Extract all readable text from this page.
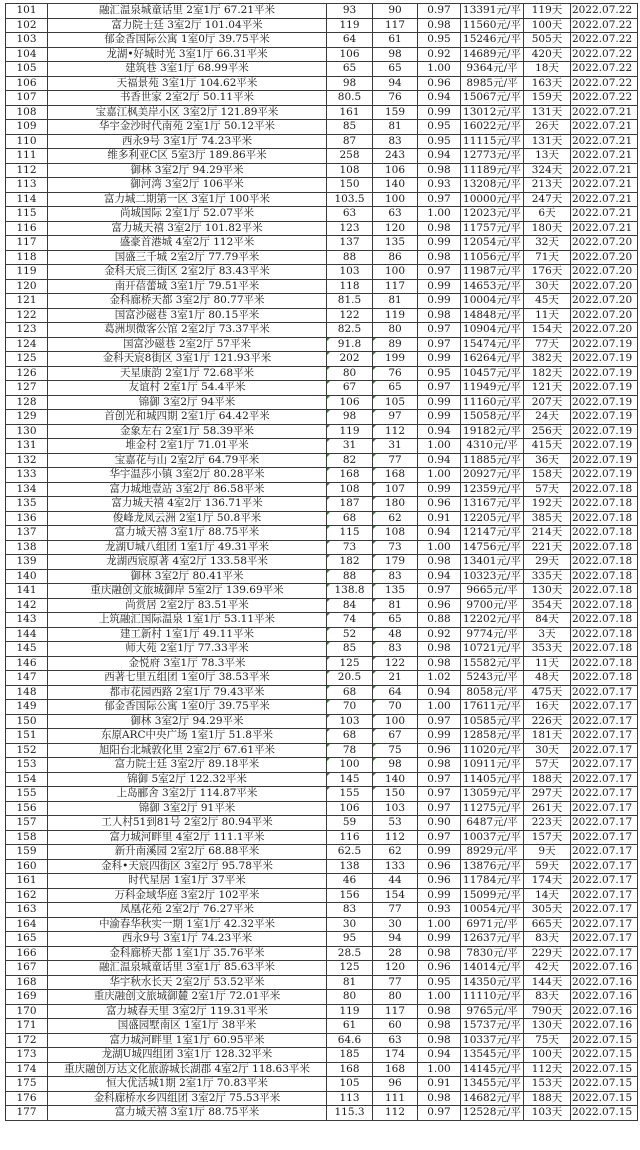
101	融汇温泉城童话里 2室1厅 67.21平米	93	90	0.97	13391元/平	119天	2022.07.22
102	富力院士廷 3室2厅 101.04平米	119	117	0.98	11560元/平	100天	2022.07.22
103	郁金香国际公寓 1室0厅 39.75平米	64	61	0.95	15246元/平	505天	2022.07.22
104	龙湖•好城时光 3室1厅 66.31平米	106	98	0.92	14689元/平	420天	2022.07.22
105	建筑巷 3室1厅 68.99平米	65	65	1.00	9364元/平	18天	2022.07.22
106	天福景苑 3室1厅 104.62平米	98	94	0.96	8985元/平	163天	2022.07.22
107	书香世家 2室2厅 50.11平米	80.5	76	0.94	15067元/平	159天	2022.07.22
108	宝嘉江枫美岸小区 3室2厅 121.89平米	161	159	0.99	13012元/平	131天	2022.07.21
109	华宇金沙时代南苑 2室1厅 50.12平米	85	81	0.95	16022元/平	26天	2022.07.21
110	西永9号 3室1厅 74.23平米	87	83	0.95	11115元/平	131天	2022.07.21
111	维多利亚C区 5室3厅 189.86平米	258	243	0.94	12773元/平	13天	2022.07.21
112	御林 3室2厅 94.29平米	108	106	0.98	11189元/平	324天	2022.07.21
113	御河湾 3室2厅 106平米	150	140	0.93	13208元/平	213天	2022.07.21
114	富力城二期第一区 3室1厅 100平米	103.5	100	0.97	10000元/平	247天	2022.07.21
115	尚城国际 2室1厅 52.07平米	63	63	1.00	12023元/平	6天	2022.07.21
116	富力城天禧 3室2厅 101.82平米	123	120	0.98	11757元/平	180天	2022.07.21
117	盛豪首港城 4室2厅 112平米	137	135	0.99	12054元/平	32天	2022.07.20
118	国盛三千城 2室2厅 77.79平米	88	86	0.98	11056元/平	71天	2022.07.20
119	金科天宸三街区 2室2厅 83.43平米	103	100	0.97	11987元/平	176天	2022.07.20
120	南开蓓蕾城 3室1厅 79.51平米	118	117	0.99	14653元/平	30天	2022.07.20
121	金科廊桥天都 3室2厅 80.77平米	81.5	81	0.99	10004元/平	45天	2022.07.20
122	国富沙磁巷 3室1厅 80.15平米	122	119	0.98	14848元/平	11天	2022.07.20
123	葛洲坝微客公馆 2室2厅 73.37平米	82.5	80	0.97	10904元/平	154天	2022.07.20
124	国富沙磁巷 2室2厅 57平米	91.8	89	0.97	15474元/平	77天	2022.07.19
125	金科天宸8街区 3室1厅 121.93平米	202	199	0.99	16264元/平	382天	2022.07.19
126	天星康韵 2室1厅 72.68平米	80	76	0.95	10457元/平	182天	2022.07.19
127	友谊村 2室1厅 54.4平米	67	65	0.97	11949元/平	121天	2022.07.19
128	锦御 3室2厅 94平米	106	105	0.99	11160元/平	207天	2022.07.19
129	首创光和城四期 2室1厅 64.42平米	98	97	0.99	15058元/平	24天	2022.07.19
130	金象左右 2室1厅 58.39平米	119	112	0.94	19182元/平	256天	2022.07.19
131	堆金村 2室1厅 71.01平米	31	31	1.00	4310元/平	415天	2022.07.19
132	宝嘉花与山 2室2厅 64.79平米	82	77	0.94	11885元/平	36天	2022.07.19
133	华宇温莎小镇 3室2厅 80.28平米	168	168	1.00	20927元/平	158天	2022.07.19
134	富力城地壹站 3室2厅 86.58平米	108	107	0.99	12359元/平	57天	2022.07.18
135	富力城天禧 4室2厅 136.71平米	187	180	0.96	13167元/平	192天	2022.07.18
136	俊峰龙凤云洲 2室1厅 50.8平米	68	62	0.91	12205元/平	385天	2022.07.18
137	富力城天禧 3室1厅 88.75平米	115	108	0.94	12147元/平	214天	2022.07.18
138	龙湖U城八组团 1室1厅 49.31平米	73	73	1.00	14756元/平	221天	2022.07.18
139	龙湖西宸原著 4室2厅 133.58平米	182	179	0.98	13401元/平	29天	2022.07.18
140	御林 3室2厅 80.41平米	88	83	0.94	10323元/平	335天	2022.07.18
141	重庆融创文旅城御岸 5室2厅 139.69平米	138.8	135	0.97	9665元/平	130天	2022.07.18
142	尚赏居 2室2厅 83.51平米	84	81	0.96	9700元/平	354天	2022.07.18
143	上筑融汇国际温泉 1室1厅 53.11平米	74	65	0.88	12202元/平	84天	2022.07.18
144	建工新村 1室1厅 49.11平米	52	48	0.92	9774元/平	3天	2022.07.18
145	师大苑 2室1厅 77.33平米	85	83	0.98	10721元/平	353天	2022.07.18
146	金悦府 3室1厅 78.3平米	125	122	0.98	15582元/平	11天	2022.07.18
147	西著七里五组团 1室0厅 38.53平米	20.5	21	1.02	5243元/平	48天	2022.07.18
148	都市花园西路 2室1厅 79.43平米	68	64	0.94	8058元/平	475天	2022.07.17
149	郁金香国际公寓 1室0厅 39.75平米	70	70	1.00	17611元/平	16天	2022.07.17
150	御林 3室2厅 94.29平米	103	100	0.97	10585元/平	226天	2022.07.17
151	东原ARC中央广场 1室1厅 51.8平米	68	67	0.99	12858元/平	181天	2022.07.17
152	旭阳台北城敦化里 2室2厅 67.61平米	78	75	0.96	11020元/平	30天	2022.07.17
153	富力院士廷 3室2厅 89.18平米	100	98	0.98	10911元/平	57天	2022.07.17
154	锦御 5室2厅 122.32平米	145	140	0.97	11405元/平	188天	2022.07.17
155	上岛郦舍 3室2厅 114.87平米	155	150	0.97	13059元/平	297天	2022.07.17
156	锦御 3室2厅 91平米	106	103	0.97	11275元/平	261天	2022.07.17
157	工人村51到81号 2室2厅 80.94平米	59	53	0.90	6487元/平	223天	2022.07.17
158	富力城河畔里 4室2厅 111.1平米	116	112	0.97	10037元/平	157天	2022.07.17
159	新升南溪园 2室2厅 68.88平米	62.5	62	0.99	8929元/平	9天	2022.07.17
160	金科•天宸四街区 3室2厅 95.78平米	138	133	0.96	13876元/平	59天	2022.07.17
161	时代星居 1室1厅 37平米	46	44	0.96	11784元/平	174天	2022.07.17
162	万科金域华庭 3室2厅 102平米	156	154	0.99	15099元/平	14天	2022.07.17
163	凤凰花苑 2室2厅 76.27平米	83	77	0.93	10054元/平	305天	2022.07.17
164	中渝春华秋实一期 1室1厅 42.32平米	30	30	1.00	6971元/平	665天	2022.07.17
165	西永9号 3室1厅 74.23平米	95	94	0.99	12637元/平	83天	2022.07.17
166	金科廊桥天都 1室1厅 35.76平米	28.5	28	0.98	7830元/平	229天	2022.07.17
167	融汇温泉城童话里 3室1厅 85.63平米	125	120	0.96	14014元/平	42天	2022.07.16
168	华宇秋水长天 2室2厅 53.52平米	81	77	0.95	14350元/平	144天	2022.07.16
169	重庆融创文旅城御麓 2室1厅 72.01平米	80	80	1.00	11110元/平	83天	2022.07.16
170	富力城春天里 3室2厅 119.31平米	119	117	0.98	9765元/平	790天	2022.07.16
171	国盛园墅南区 1室1厅 38平米	61	60	0.98	15737元/平	130天	2022.07.16
172	富力城河畔里 1室1厅 60.95平米	64.6	63	0.98	10337元/平	75天	2022.07.15
173	龙湖U城四组团 3室1厅 128.32平米	185	174	0.94	13545元/平	100天	2022.07.15
174	重庆融创万达文化旅游城长湖郡 4室2厅 118.63平米	168	168	1.00	14145元/平	112天	2022.07.15
175	恒大优活城1期 2室1厅 70.83平米	105	96	0.91	13455元/平	153天	2022.07.15
176	金科廊桥水乡四组团 3室2厅 75.53平米	113	111	0.98	14682元/平	188天	2022.07.15
177	富力城天禧 3室1厅 88.75平米	115.3	112	0.97	12528元/平	103天	2022.07.15
